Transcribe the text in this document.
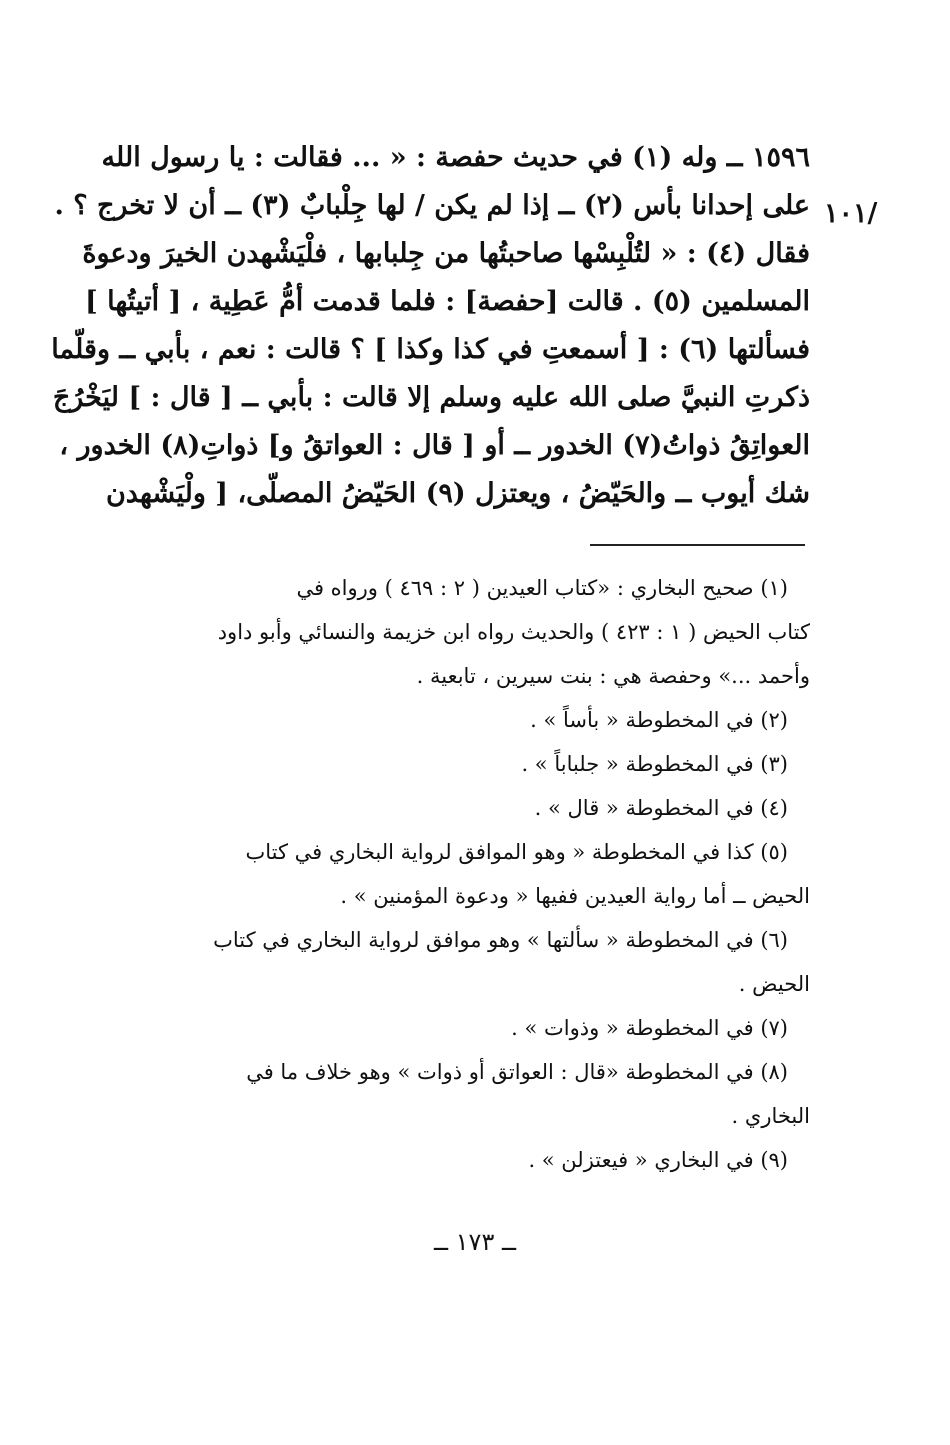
/١٠١
١٥٩٦ ــ وله (١) في حديث حفصة : « ... فقالت : يا رسول الله
على إحدانا بأس (٢) ــ إذا لم يكن / لها جِلْبابٌ (٣) ــ أن لا تخرج ؟ .
فقال (٤) : « لتُلْبِسْها صاحبتُها من جِلبابها ، فلْيَشْهدن الخيرَ ودعوةَ
المسلمين (٥) . قالت [حفصة] : فلما قدمت أمُّ عَطِية ، [ أتيتُها ]
فسألتها (٦) : [ أسمعتِ في كذا وكذا ] ؟ قالت : نعم ، بأبي ــ وقلّما
ذكرتِ النبيَّ صلى الله عليه وسلم إلا قالت : بأبي ــ [ قال : ] ليَخْرُجَ
العواتِقُ ذواتُ(٧) الخدور ــ أو [ قال : العواتقُ و] ذواتِ(٨) الخدور ،
شك أيوب ــ والحَيّضُ ، ويعتزل (٩) الحَيّضُ المصلّى، [ ولْيَشْهدن
(١) صحيح البخاري : «كتاب العيدين ( ٢ : ٤٦٩ ) ورواه في
كتاب الحيض ( ١ : ٤٢٣ ) والحديث رواه ابن خزيمة والنسائي وأبو داود
وأحمد ...» وحفصة هي : بنت سيرين ، تابعية .
(٢) في المخطوطة « بأساً » .
(٣) في المخطوطة « جلباباً » .
(٤) في المخطوطة « قال » .
(٥) كذا في المخطوطة « وهو الموافق لرواية البخاري في كتاب
الحيض ــ أما رواية العيدين ففيها « ودعوة المؤمنين » .
(٦) في المخطوطة « سألتها » وهو موافق لرواية البخاري في كتاب
الحيض .
(٧) في المخطوطة « وذوات » .
(٨) في المخطوطة «قال : العواتق أو ذوات » وهو خلاف ما في
البخاري .
(٩) في البخاري « فيعتزلن » .
ــ ١٧٣ ــ
